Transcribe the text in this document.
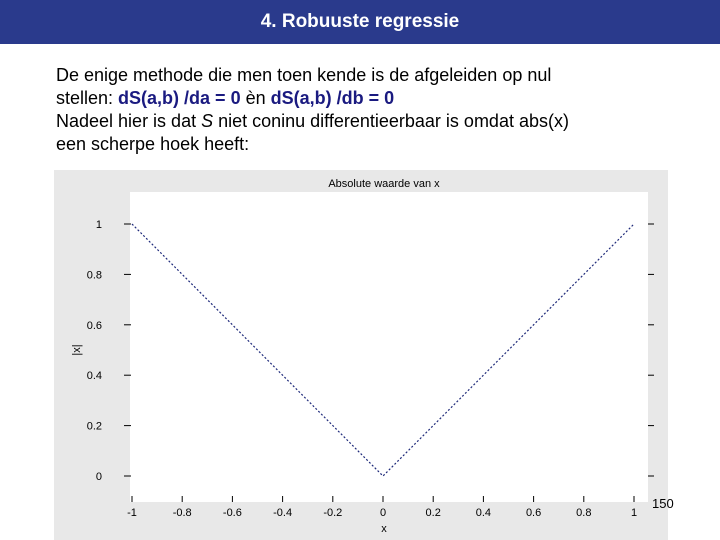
4. Robuuste regressie

De enige methode die men toen kende is de afgeleiden op nul

stellen: dS(a,b) /da = 0 èn dS(a,b) /db = 0

Nadeel hier is dat S niet coninu differentieerbaar is omdat abs(x)

een scherpe hoek heeft:

Absolute waarde van x
x
|x|
-1	-0.8	-0.6	-0.4	-0.2	0	0.2	0.4	0.6	0.8	1
0
0.2
0.4
0.6
0.8
1
150
